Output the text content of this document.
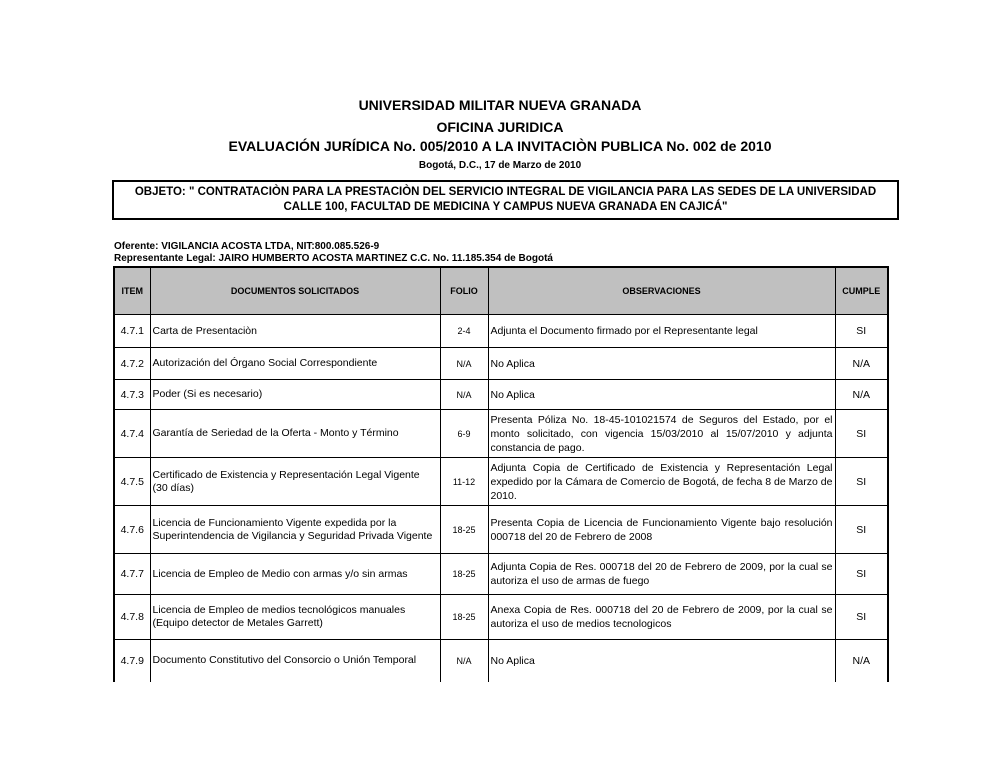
UNIVERSIDAD MILITAR NUEVA GRANADA
OFICINA JURIDICA
EVALUACIÓN JURÍDICA No. 005/2010 A LA INVITACIÒN PUBLICA No. 002 de 2010
Bogotá, D.C., 17 de Marzo de 2010
OBJETO: " CONTRATACIÒN PARA LA PRESTACIÒN DEL SERVICIO INTEGRAL DE VIGILANCIA PARA LAS SEDES DE LA UNIVERSIDAD CALLE 100, FACULTAD DE MEDICINA Y CAMPUS NUEVA GRANADA EN CAJICÁ"
Oferente: VIGILANCIA ACOSTA LTDA, NIT:800.085.526-9
Representante Legal: JAIRO HUMBERTO ACOSTA MARTINEZ C.C. No. 11.185.354 de Bogotá
ITEM	DOCUMENTOS SOLICITADOS	FOLIO	OBSERVACIONES	CUMPLE
4.7.1	Carta de Presentaciòn	2-4	Adjunta el Documento firmado por el Representante legal	SI
4.7.2	Autorización del Órgano Social Correspondiente	N/A	No Aplica	N/A
4.7.3	Poder (Si es necesario)	N/A	No Aplica	N/A
4.7.4	Garantía de Seriedad de la Oferta - Monto y Término	6-9	Presenta Póliza No. 18-45-101021574 de Seguros del Estado, por el monto solicitado, con vigencia 15/03/2010 al 15/07/2010 y adjunta constancia de pago.	SI
4.7.5	Certificado de Existencia y Representación Legal Vigente (30 días)	11-12	Adjunta Copia de Certificado de Existencia y Representación Legal expedido por la Cámara de Comercio de Bogotá, de fecha 8 de Marzo de 2010.	SI
4.7.6	Licencia de Funcionamiento Vigente expedida por la Superintendencia de Vigilancia y Seguridad Privada Vigente	18-25	Presenta Copia de Licencia de Funcionamiento Vigente bajo resolución 000718 del 20 de Febrero de 2008	SI
4.7.7	Licencia de Empleo de Medio con armas y/o sin armas	18-25	Adjunta Copia de Res. 000718 del 20 de Febrero de 2009, por la cual se autoriza el uso de armas de fuego	SI
4.7.8	Licencia de Empleo de medios tecnológicos manuales (Equipo detector de Metales Garrett)	18-25	Anexa Copia de Res. 000718 del 20 de Febrero de 2009, por la cual se autoriza el uso de medios tecnologicos	SI
4.7.9	Documento Constitutivo del Consorcio o Unión Temporal	N/A	No Aplica	N/A
